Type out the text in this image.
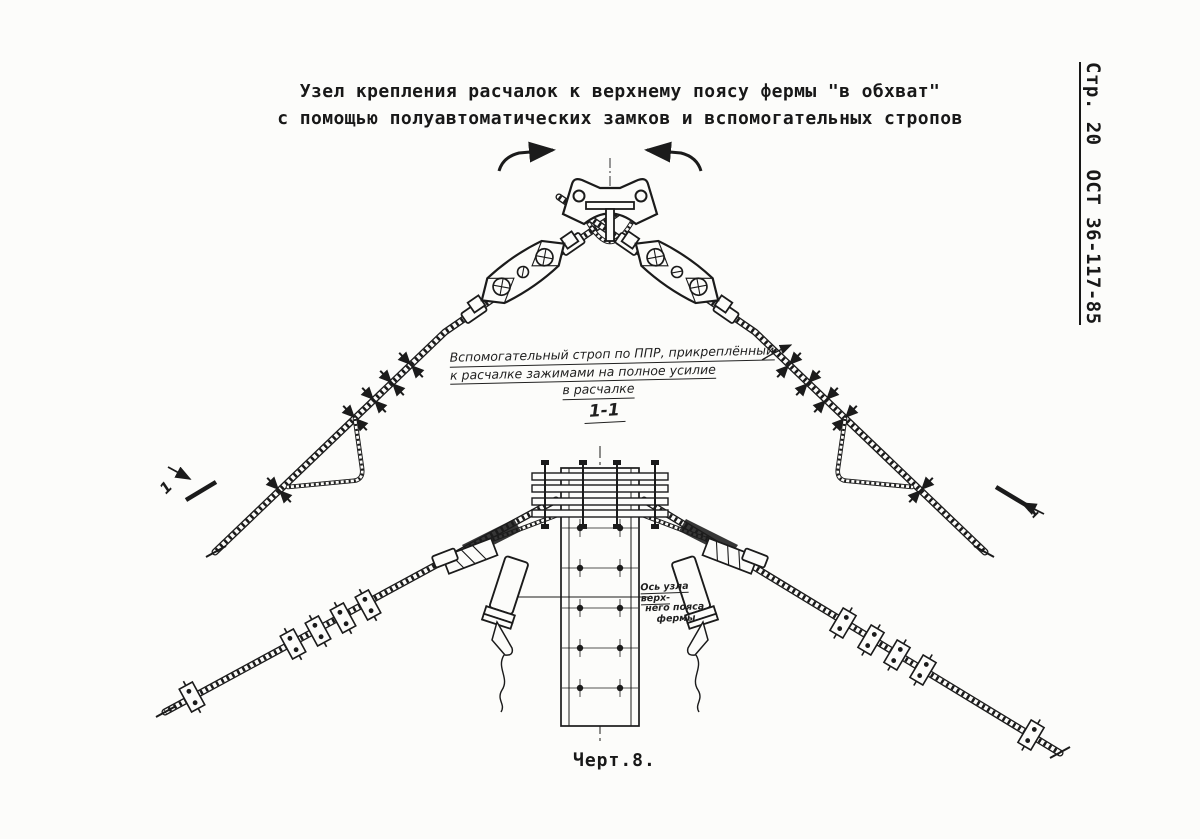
1
1
Узел крепления расчалок к верхнему поясу фермы "в обхват"
с помощью полуавтоматических замков и вспомогательных стропов	Стр. 20  ОСТ 36-117-85
Вспомогательный строп по ППР, прикреплённый
к расчалке зажимами на полное усилие
в расчалке
1-1
Ось узла верх-
него пояса
фермы
Черт.8.
